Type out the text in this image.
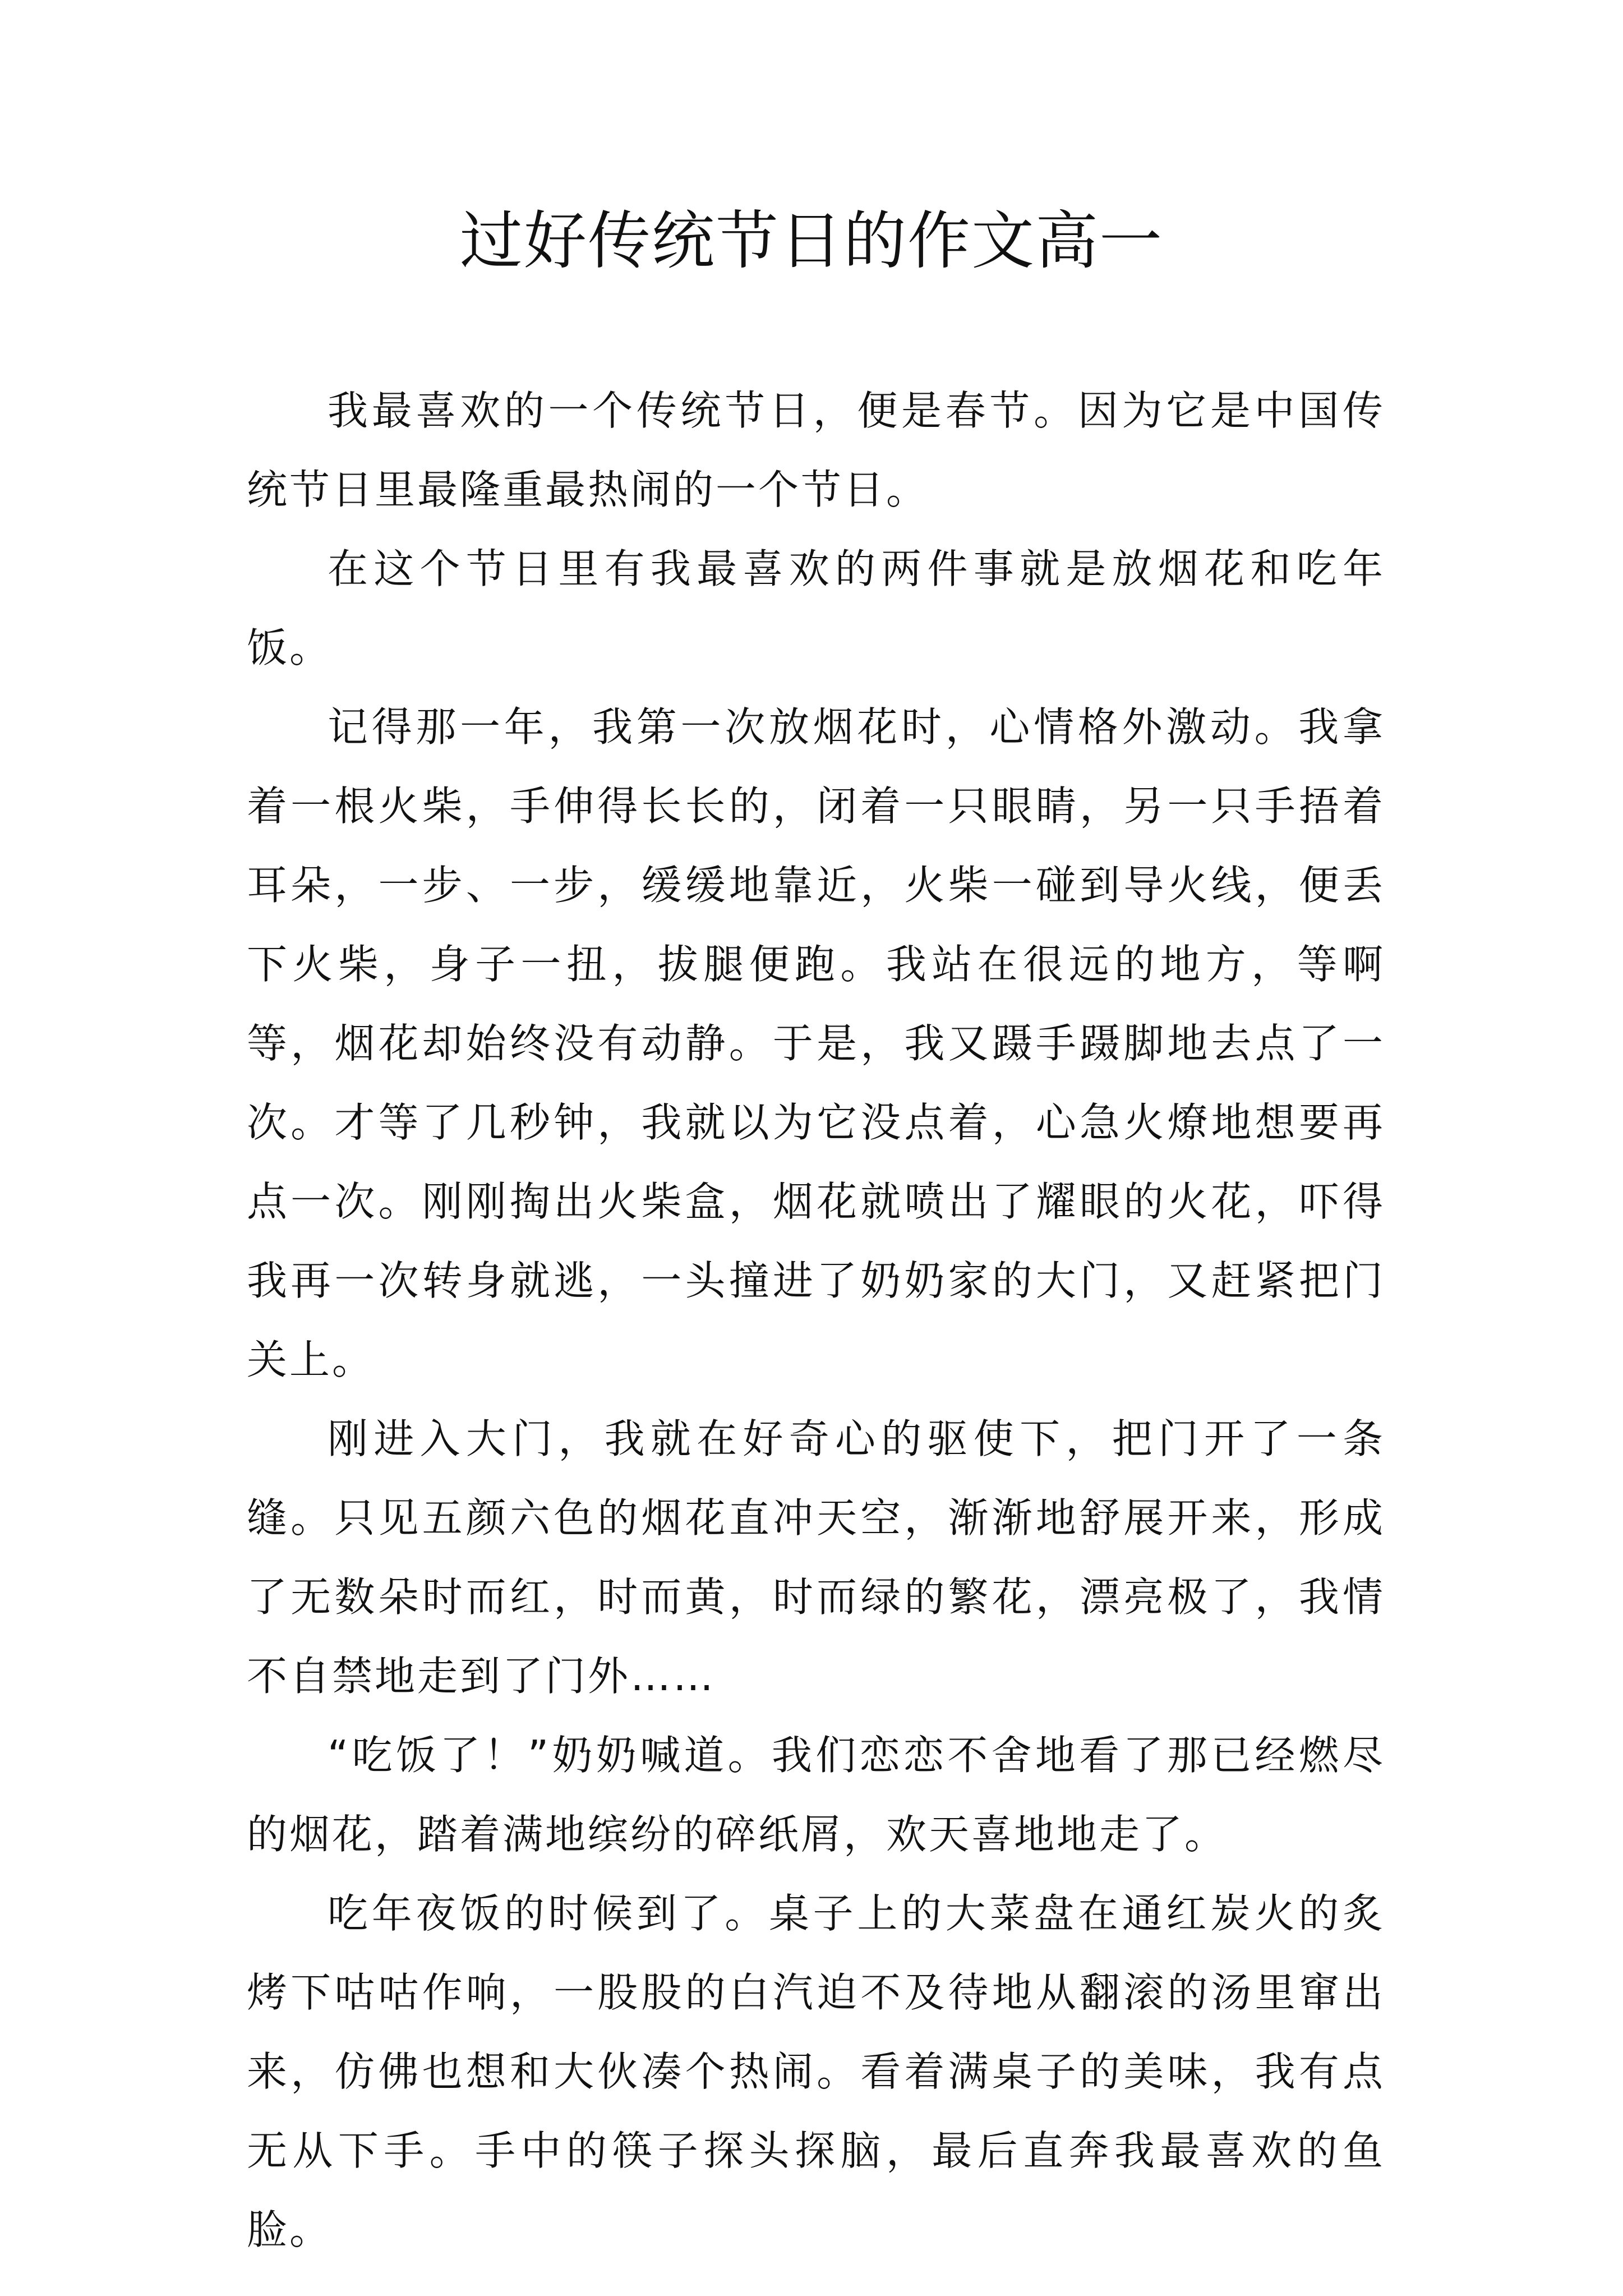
过好传统节日的作文高一

我最喜欢的一个传统节日，便是春节。因为它是中国传统节日里最隆重最热闹的一个节日。

在这个节日里有我最喜欢的两件事就是放烟花和吃年饭。

记得那一年，我第一次放烟花时，心情格外激动。我拿着一根火柴，手伸得长长的，闭着一只眼睛，另一只手捂着耳朵，一步、一步，缓缓地靠近，火柴一碰到导火线，便丢下火柴，身子一扭，拔腿便跑。我站在很远的地方，等啊等，烟花却始终没有动静。于是，我又蹑手蹑脚地去点了一次。才等了几秒钟，我就以为它没点着，心急火燎地想要再点一次。刚刚掏出火柴盒，烟花就喷出了耀眼的火花，吓得我再一次转身就逃，一头撞进了奶奶家的大门，又赶紧把门关上。

刚进入大门，我就在好奇心的驱使下，把门开了一条缝。只见五颜六色的烟花直冲天空，渐渐地舒展开来，形成了无数朵时而红，时而黄，时而绿的繁花，漂亮极了，我情不自禁地走到了门外……

“吃饭了！”奶奶喊道。我们恋恋不舍地看了那已经燃尽的烟花，踏着满地缤纷的碎纸屑，欢天喜地地走了。

吃年夜饭的时候到了。桌子上的大菜盘在通红炭火的炙烤下咕咕作响，一股股的白汽迫不及待地从翻滚的汤里窜出来，仿佛也想和大伙凑个热闹。看着满桌子的美味，我有点无从下手。手中的筷子探头探脑，最后直奔我最喜欢的鱼脸。
